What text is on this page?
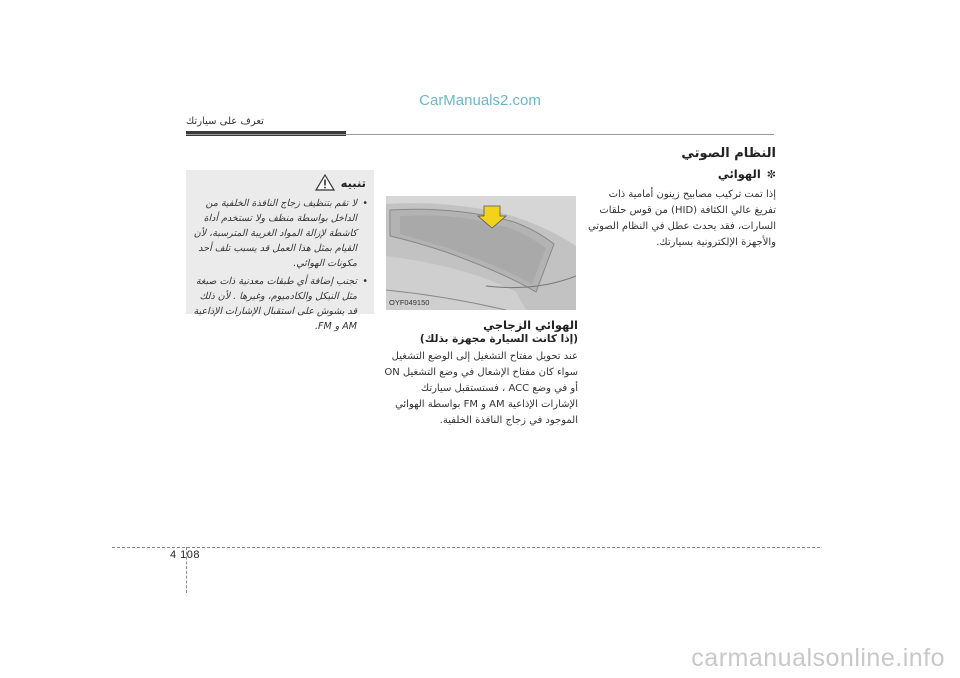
CarManuals2.com
تعرف على سيارتك
النظام الصوتي
✼الهوائي
إذا تمت تركيب مصابيح زينون أمامية ذات تفريغ عالي الكثافة (HID) من قوس حلقات السارات، فقد يحدث عطل في النظام الصوتي والأجهزة الإلكترونية بسيارتك.
OYF049150
الهوائي الزجاجي
(إذا كانت السيارة مجهزة بذلك)
عند تحويل مفتاح التشغيل إلى الوضع التشغيل سواء كان مفتاح الإشعال في وضع التشغيل ON أو في وضع ACC ، فستستقبل سيارتك الإشارات الإذاعية AM و FM بواسطة الهوائي الموجود في زجاج النافذة الخلفية.
تنبيه
•
لا تقم بتنظيف زجاج النافذة الخلفية من الداخل بواسطة منظف ولا تستخدم أداة كاشطة لإزالة المواد الغريبة المترسبة، لأن القيام بمثل هذا العمل قد يسبب تلف أحد مكونات الهوائي.
•
تجنب إضافة أي طبقات معدنية ذات صبغة مثل النيكل والكادميوم، وغيرها . لأن ذلك قد يشوش على استقبال الإشارات الإذاعية AM و FM.
4 108
carmanualsonline.info
